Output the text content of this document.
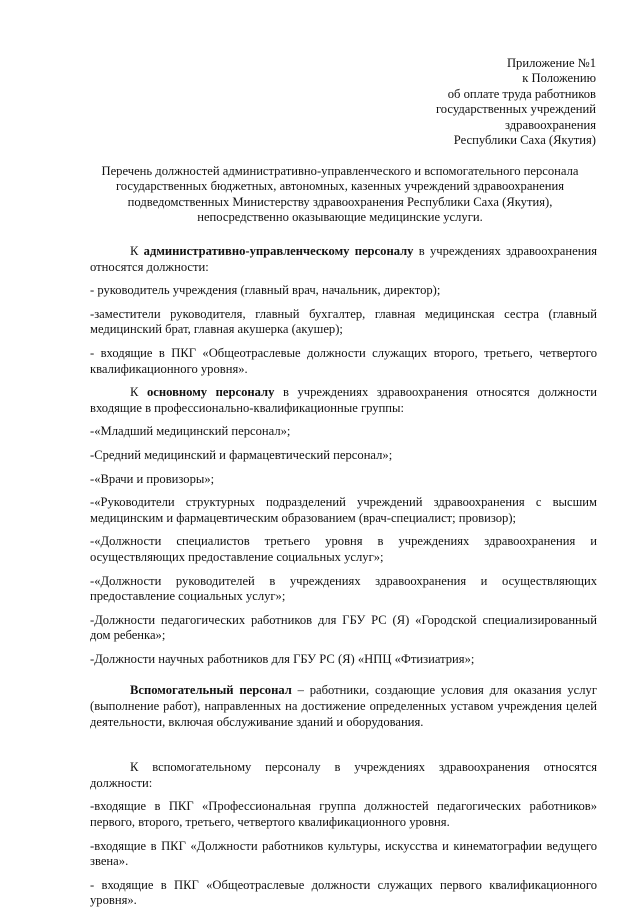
Приложение №1
к Положению
об оплате труда работников
государственных учреждений
здравоохранения
Республики Саха (Якутия)
Перечень должностей административно-управленческого и вспомогательного персонала
государственных бюджетных, автономных, казенных учреждений здравоохранения
подведомственных Министерству здравоохранения Республики Саха (Якутия),
непосредственно оказывающие медицинские услуги.

К административно-управленческому персоналу в учреждениях здравоохранения относятся должности:

- руководитель учреждения (главный врач, начальник, директор);

-заместители руководителя, главный бухгалтер, главная медицинская сестра (главный медицинский брат, главная акушерка (акушер);

- входящие в ПКГ «Общеотраслевые должности служащих второго, третьего, четвертого квалификационного уровня».

К основному персоналу в учреждениях здравоохранения относятся должности входящие в профессионально-квалификационные группы:

-«Младший медицинский персонал»;

-Средний медицинский и фармацевтический персонал»;

-«Врачи и провизоры»;

-«Руководители структурных подразделений учреждений здравоохранения с высшим медицинским и фармацевтическим образованием (врач-специалист; провизор);

-«Должности специалистов третьего уровня в учреждениях здравоохранения и осуществляющих предоставление социальных услуг»;

-«Должности руководителей в учреждениях здравоохранения и осуществляющих предоставление социальных услуг»;

-Должности педагогических работников для ГБУ РС (Я) «Городской специализированный дом ребенка»;

-Должности научных работников для ГБУ РС (Я) «НПЦ «Фтизиатрия»;

Вспомогательный персонал – работники, создающие условия для оказания услуг (выполнение работ), направленных на достижение определенных уставом учреждения целей деятельности, включая обслуживание зданий и оборудования.

К вспомогательному персоналу в учреждениях здравоохранения относятся должности:

-входящие в ПКГ «Профессиональная группа должностей педагогических работников» первого, второго, третьего, четвертого квалификационного уровня.

-входящие в ПКГ «Должности работников культуры, искусства и кинематографии ведущего звена».

- входящие в ПКГ «Общеотраслевые должности служащих первого квалификационного уровня».
